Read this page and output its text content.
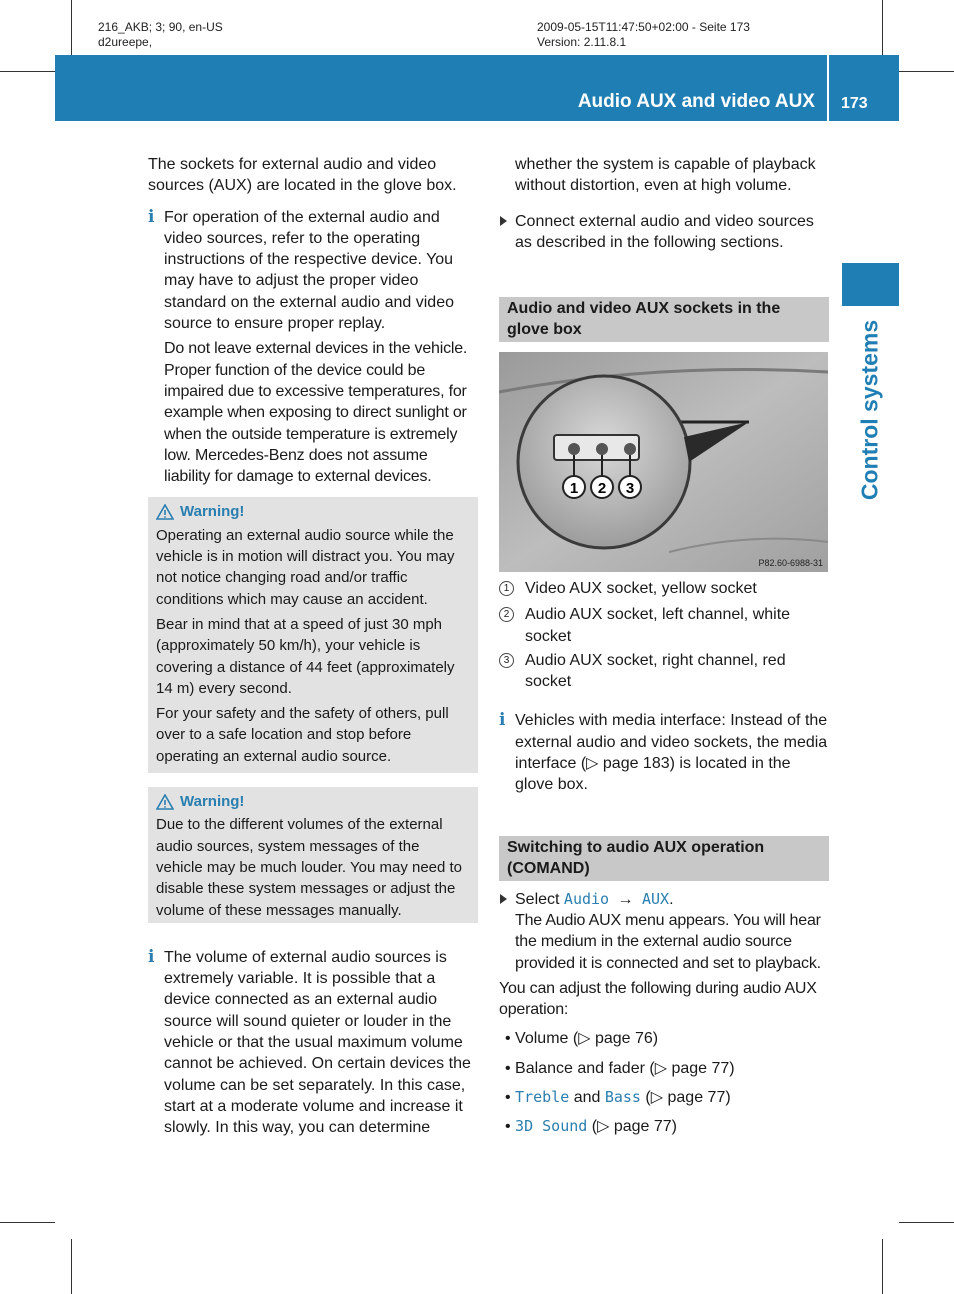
216_AKB; 3; 90, en-US
d2ureepe,
2009-05-15T11:47:50+02:00 - Seite 173
Version: 2.11.8.1
Audio AUX and video AUX 173
Control systems

The sockets for external audio and video sources (AUX) are located in the glove box.

i For operation of the external audio and video sources, refer to the operating instructions of the respective device. You may have to adjust the proper video standard on the external audio and video source to ensure proper replay.

Do not leave external devices in the vehicle. Proper function of the device could be impaired due to excessive temperatures, for example when exposing to direct sunlight or when the outside temperature is extremely low. Mercedes-Benz does not assume liability for damage to external devices.

Warning!

Operating an external audio source while the vehicle is in motion will distract you. You may not notice changing road and/or traffic conditions which may cause an accident.

Bear in mind that at a speed of just 30 mph (approximately 50 km/h), your vehicle is covering a distance of 44 feet (approximately 14 m) every second.

For your safety and the safety of others, pull over to a safe location and stop before operating an external audio source.

Warning!

Due to the different volumes of the external audio sources, system messages of the vehicle may be much louder. You may need to disable these system messages or adjust the volume of these messages manually.

i The volume of external audio sources is extremely variable. It is possible that a device connected as an external audio source will sound quieter or louder in the vehicle or that the usual maximum volume cannot be achieved. On certain devices the volume can be set separately. In this case, start at a moderate volume and increase it slowly. In this way, you can determine

whether the system is capable of playback without distortion, even at high volume.

Connect external audio and video sources as described in the following sections.

Audio and video AUX sockets in the glove box
1 2 3
P82.60-6988-31
1 Video AUX socket, yellow socket

2 Audio AUX socket, left channel, white socket

3 Audio AUX socket, right channel, red socket

i Vehicles with media interface: Instead of the external audio and video sockets, the media interface (▷ page 183) is located in the glove box.

Switching to audio AUX operation (COMAND)

Select Audio → AUX.

The Audio AUX menu appears. You will hear the medium in the external audio source provided it is connected and set to playback.

You can adjust the following during audio AUX operation:

• Volume (▷ page 76)

• Balance and fader (▷ page 77)

• Treble and Bass (▷ page 77)

• 3D Sound (▷ page 77)
